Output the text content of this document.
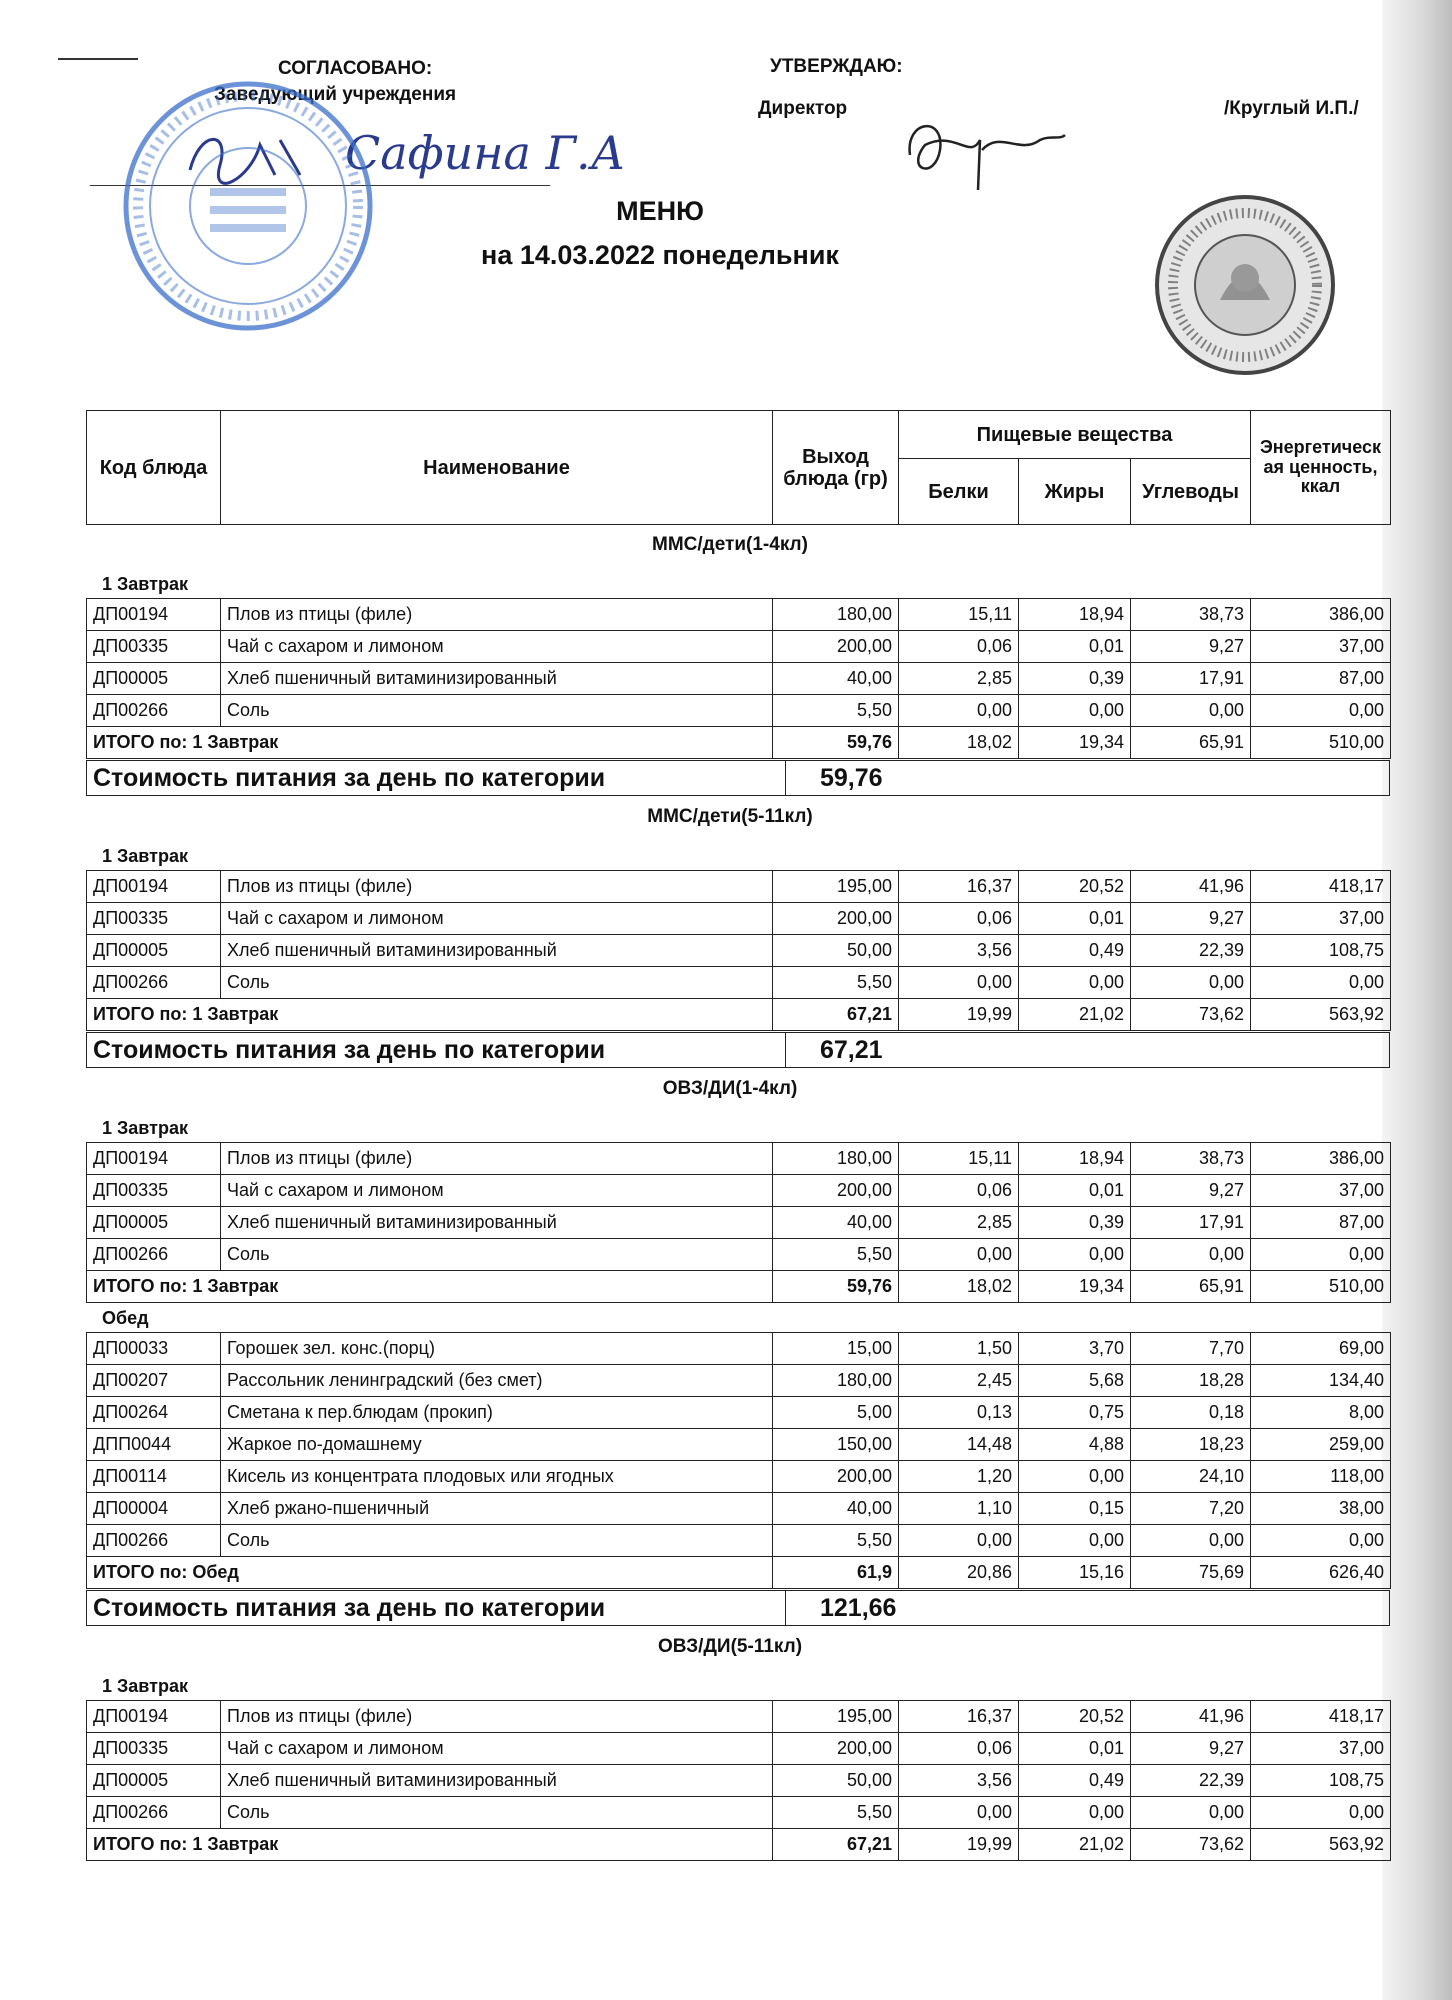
СОГЛАСОВАНО:
Заведующий учреждения
УТВЕРЖДАЮ:
Директор	/Круглый И.П./
Сафина Г.А
МЕНЮ
на 14.03.2022 понедельник
Код блюда	Наименование	Выход блюда (гр)	Пищевые вещества			Энергетическая ценность, ккал
			Белки	Жиры	Углеводы	
ММС/дети(1-4кл)
1 Завтрак
ДП00194	Плов из птицы (филе)	180,00	15,11	18,94	38,73	386,00
ДП00335	Чай с сахаром и лимоном	200,00	0,06	0,01	9,27	37,00
ДП00005	Хлеб пшеничный витаминизированный	40,00	2,85	0,39	17,91	87,00
ДП00266	Соль	5,50	0,00	0,00	0,00	0,00
ИТОГО по: 1 Завтрак		59,76	18,02	19,34	65,91	510,00
Стоимость питания за день по категории	59,76
ММС/дети(5-11кл)
1 Завтрак
ДП00194	Плов из птицы (филе)	195,00	16,37	20,52	41,96	418,17
ДП00335	Чай с сахаром и лимоном	200,00	0,06	0,01	9,27	37,00
ДП00005	Хлеб пшеничный витаминизированный	50,00	3,56	0,49	22,39	108,75
ДП00266	Соль	5,50	0,00	0,00	0,00	0,00
ИТОГО по: 1 Завтрак		67,21	19,99	21,02	73,62	563,92
Стоимость питания за день по категории	67,21
ОВЗ/ДИ(1-4кл)
1 Завтрак
ДП00194	Плов из птицы (филе)	180,00	15,11	18,94	38,73	386,00
ДП00335	Чай с сахаром и лимоном	200,00	0,06	0,01	9,27	37,00
ДП00005	Хлеб пшеничный витаминизированный	40,00	2,85	0,39	17,91	87,00
ДП00266	Соль	5,50	0,00	0,00	0,00	0,00
ИТОГО по: 1 Завтрак		59,76	18,02	19,34	65,91	510,00
Обед
ДП00033	Горошек зел. конс.(порц)	15,00	1,50	3,70	7,70	69,00
ДП00207	Рассольник ленинградский (без смет)	180,00	2,45	5,68	18,28	134,40
ДП00264	Сметана к пер.блюдам (прокип)	5,00	0,13	0,75	0,18	8,00
ДПП0044	Жаркое по-домашнему	150,00	14,48	4,88	18,23	259,00
ДП00114	Кисель из концентрата плодовых или ягодных	200,00	1,20	0,00	24,10	118,00
ДП00004	Хлеб ржано-пшеничный	40,00	1,10	0,15	7,20	38,00
ДП00266	Соль	5,50	0,00	0,00	0,00	0,00
ИТОГО по: Обед		61,9	20,86	15,16	75,69	626,40
Стоимость питания за день по категории	121,66
ОВЗ/ДИ(5-11кл)
1 Завтрак
ДП00194	Плов из птицы (филе)	195,00	16,37	20,52	41,96	418,17
ДП00335	Чай с сахаром и лимоном	200,00	0,06	0,01	9,27	37,00
ДП00005	Хлеб пшеничный витаминизированный	50,00	3,56	0,49	22,39	108,75
ДП00266	Соль	5,50	0,00	0,00	0,00	0,00
ИТОГО по: 1 Завтрак		67,21	19,99	21,02	73,62	563,92
